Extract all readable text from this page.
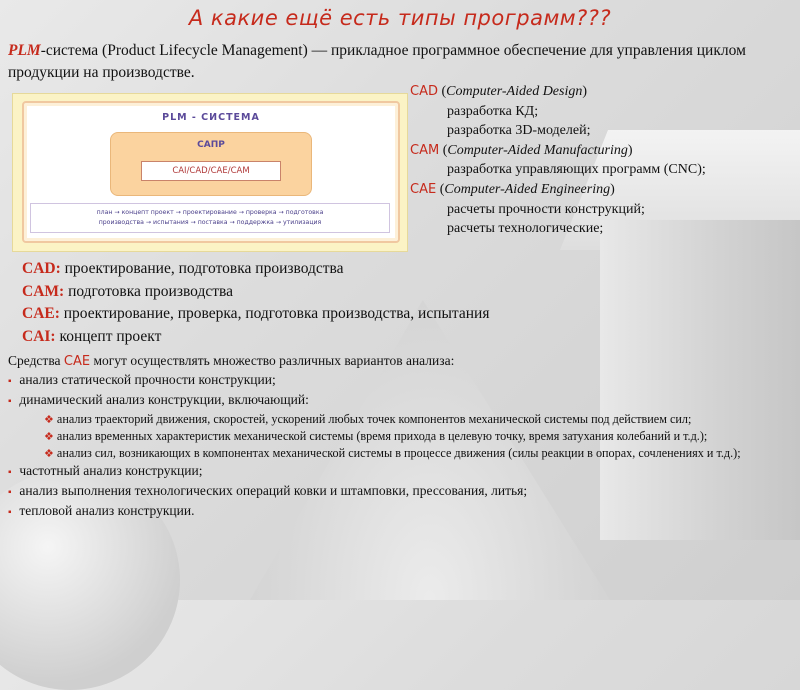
А какие ещё есть типы программ???
PLM-система (Product Lifecycle Management) — прикладное программное обеспечение для управления циклом продукции на производстве.
PLM - СИСТЕМА
САПР
CAI/CAD/CAE/CAM
план → концепт проект → проектирование → проверка → подготовка
производства → испытания → поставка → поддержка → утилизация
CAD (Computer-Aided Design)
разработка КД;
разработка 3D-моделей;
CAM (Computer-Aided Manufacturing)
разработка управляющих программ (CNC);
CAE (Computer-Aided Engineering)
расчеты прочности конструкций;
расчеты технологические;
CAD: проектирование, подготовка производства
CAM: подготовка производства
CAE: проектирование, проверка, подготовка производства, испытания
CAI: концепт проект
Средства CAE могут осуществлять множество различных вариантов анализа:
▪ анализ статической прочности конструкции;
▪ динамический анализ конструкции, включающий:
❖ анализ траекторий движения, скоростей, ускорений любых точек компонентов механической системы под действием сил;
❖ анализ временных характеристик механической системы (время прихода в целевую точку, время затухания колебаний и т.д.);
❖ анализ сил, возникающих в компонентах механической системы в процессе движения (силы реакции в опорах, сочленениях и т.д.);
▪ частотный анализ конструкции;
▪ анализ выполнения технологических операций ковки и штамповки, прессования, литья;
▪ тепловой анализ конструкции.
